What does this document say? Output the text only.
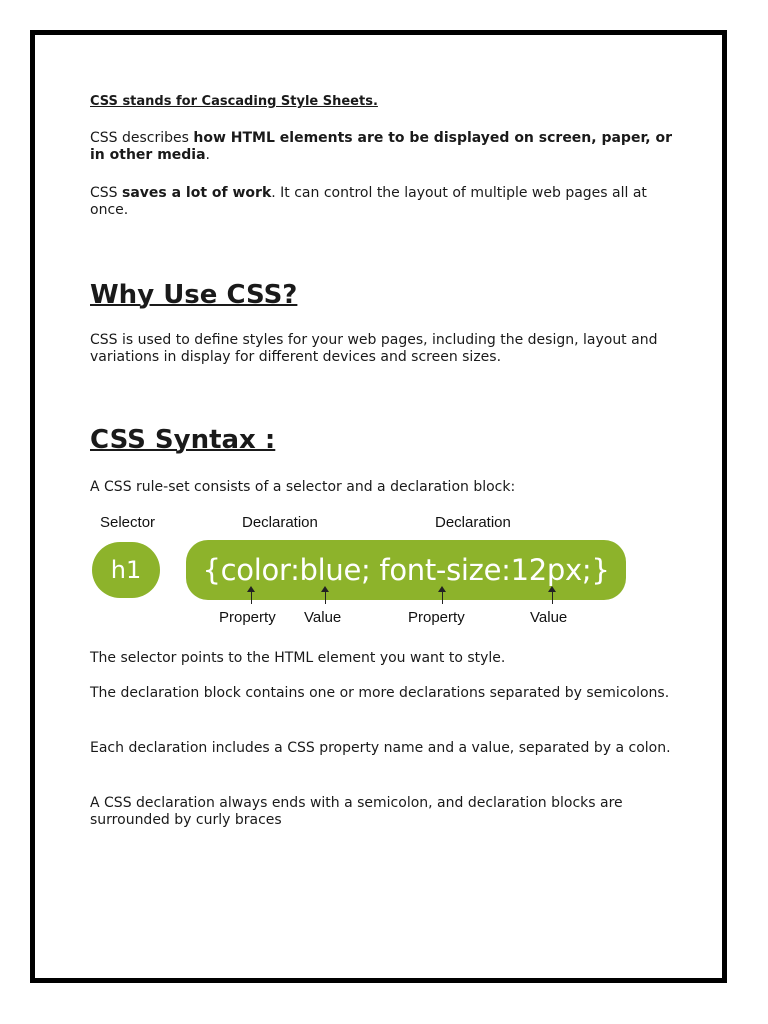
CSS stands for Cascading Style Sheets.

CSS describes how HTML elements are to be displayed on screen, paper, or in other media.

CSS saves a lot of work. It can control the layout of multiple web pages all at once.

Why Use CSS?

CSS is used to define styles for your web pages, including the design, layout and variations in display for different devices and screen sizes.

CSS Syntax :

A CSS rule-set consists of a selector and a declaration block:

Selector	Declaration	Declaration
h1	{color:blue; font-size:12px;}
Property Value	Property	Value

The selector points to the HTML element you want to style.

The declaration block contains one or more declarations separated by semicolons.

Each declaration includes a CSS property name and a value, separated by a colon.

A CSS declaration always ends with a semicolon, and declaration blocks are surrounded by curly braces
